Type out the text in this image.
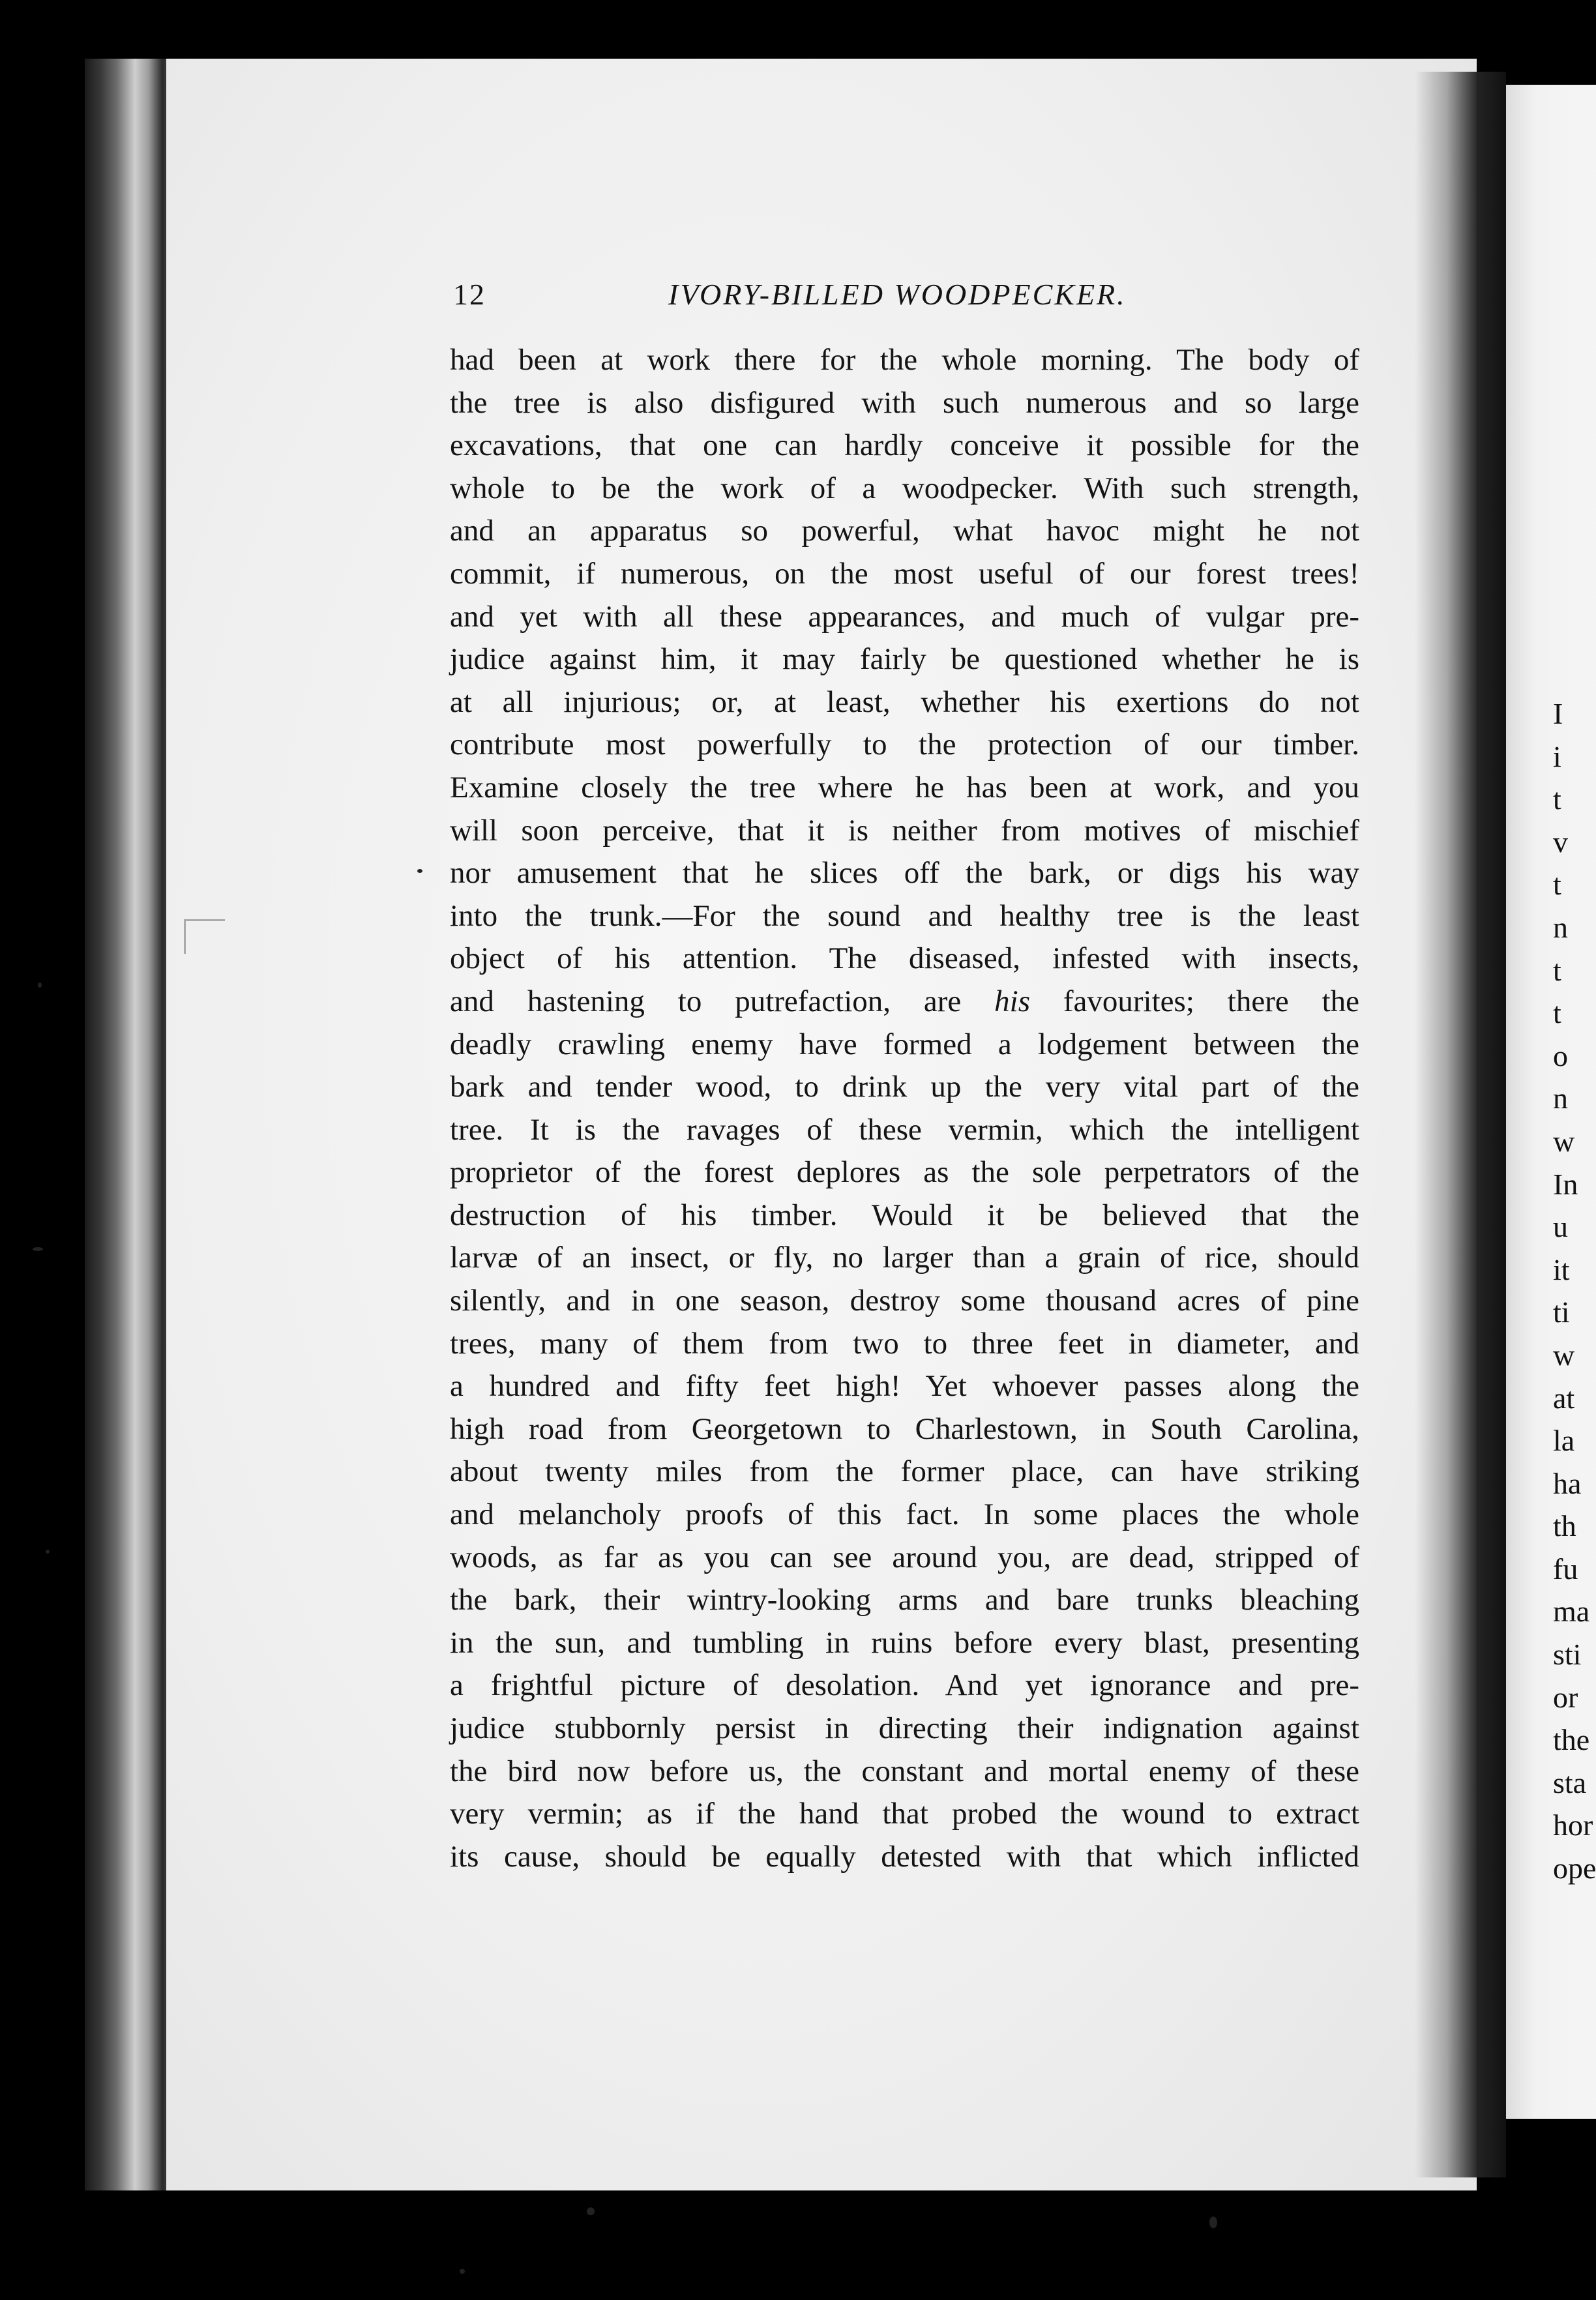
I
i
t
v
t
n
t
t
o
n
w
In
u
it
ti
w
at
la
ha
th
fu
ma
sti
or
the
sta
hor
ope
12	IVORY-BILLED WOODPECKER.
had been at work there for the whole morning. The body of
the tree is also disfigured with such numerous and so large
excavations, that one can hardly conceive it possible for the
whole to be the work of a woodpecker. With such strength,
and an apparatus so powerful, what havoc might he not
commit, if numerous, on the most useful of our forest trees!
and yet with all these appearances, and much of vulgar pre-
judice against him, it may fairly be questioned whether he is
at all injurious; or, at least, whether his exertions do not
contribute most powerfully to the protection of our timber.
Examine closely the tree where he has been at work, and you
will soon perceive, that it is neither from motives of mischief
nor amusement that he slices off the bark, or digs his way
into the trunk.—For the sound and healthy tree is the least
object of his attention. The diseased, infested with insects,
and hastening to putrefaction, are his favourites; there the
deadly crawling enemy have formed a lodgement between the
bark and tender wood, to drink up the very vital part of the
tree. It is the ravages of these vermin, which the intelligent
proprietor of the forest deplores as the sole perpetrators of the
destruction of his timber. Would it be believed that the
larvæ of an insect, or fly, no larger than a grain of rice, should
silently, and in one season, destroy some thousand acres of pine
trees, many of them from two to three feet in diameter, and
a hundred and fifty feet high! Yet whoever passes along the
high road from Georgetown to Charlestown, in South Carolina,
about twenty miles from the former place, can have striking
and melancholy proofs of this fact. In some places the whole
woods, as far as you can see around you, are dead, stripped of
the bark, their wintry-looking arms and bare trunks bleaching
in the sun, and tumbling in ruins before every blast, presenting
a frightful picture of desolation. And yet ignorance and pre-
judice stubbornly persist in directing their indignation against
the bird now before us, the constant and mortal enemy of these
very vermin; as if the hand that probed the wound to extract
its cause, should be equally detested with that which inflicted
